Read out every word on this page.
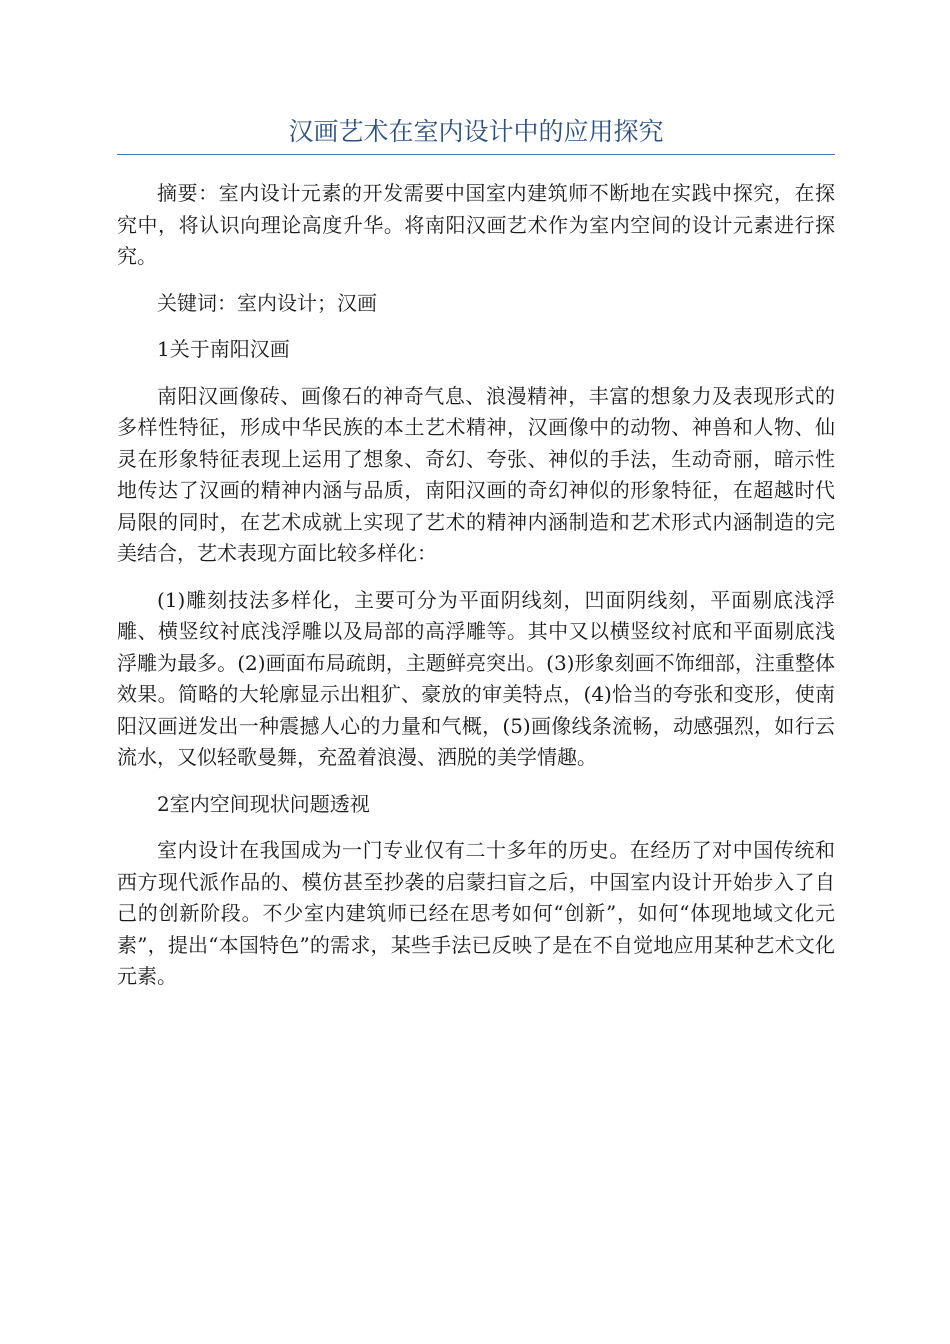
汉画艺术在室内设计中的应用探究

摘要：室内设计元素的开发需要中国室内建筑师不断地在实践中探究，在探究中，将认识向理论高度升华。将南阳汉画艺术作为室内空间的设计元素进行探究。

关键词：室内设计；汉画

1关于南阳汉画

南阳汉画像砖、画像石的神奇气息、浪漫精神，丰富的想象力及表现形式的多样性特征，形成中华民族的本土艺术精神，汉画像中的动物、神兽和人物、仙灵在形象特征表现上运用了想象、奇幻、夸张、神似的手法，生动奇丽，暗示性地传达了汉画的精神内涵与品质，南阳汉画的奇幻神似的形象特征，在超越时代局限的同时，在艺术成就上实现了艺术的精神内涵制造和艺术形式内涵制造的完美结合，艺术表现方面比较多样化：

(1)雕刻技法多样化，主要可分为平面阴线刻，凹面阴线刻，平面剔底浅浮雕、横竖纹衬底浅浮雕以及局部的高浮雕等。其中又以横竖纹衬底和平面剔底浅浮雕为最多。(2)画面布局疏朗，主题鲜亮突出。(3)形象刻画不饰细部，注重整体效果。简略的大轮廓显示出粗犷、豪放的审美特点，(4)恰当的夸张和变形，使南阳汉画迸发出一种震撼人心的力量和气概，(5)画像线条流畅，动感强烈，如行云流水，又似轻歌曼舞，充盈着浪漫、洒脱的美学情趣。

2室内空间现状问题透视

室内设计在我国成为一门专业仅有二十多年的历史。在经历了对中国传统和西方现代派作品的、模仿甚至抄袭的启蒙扫盲之后，中国室内设计开始步入了自己的创新阶段。不少室内建筑师已经在思考如何“创新”，如何“体现地域文化元素”，提出“本国特色”的需求，某些手法已反映了是在不自觉地应用某种艺术文化元素。
